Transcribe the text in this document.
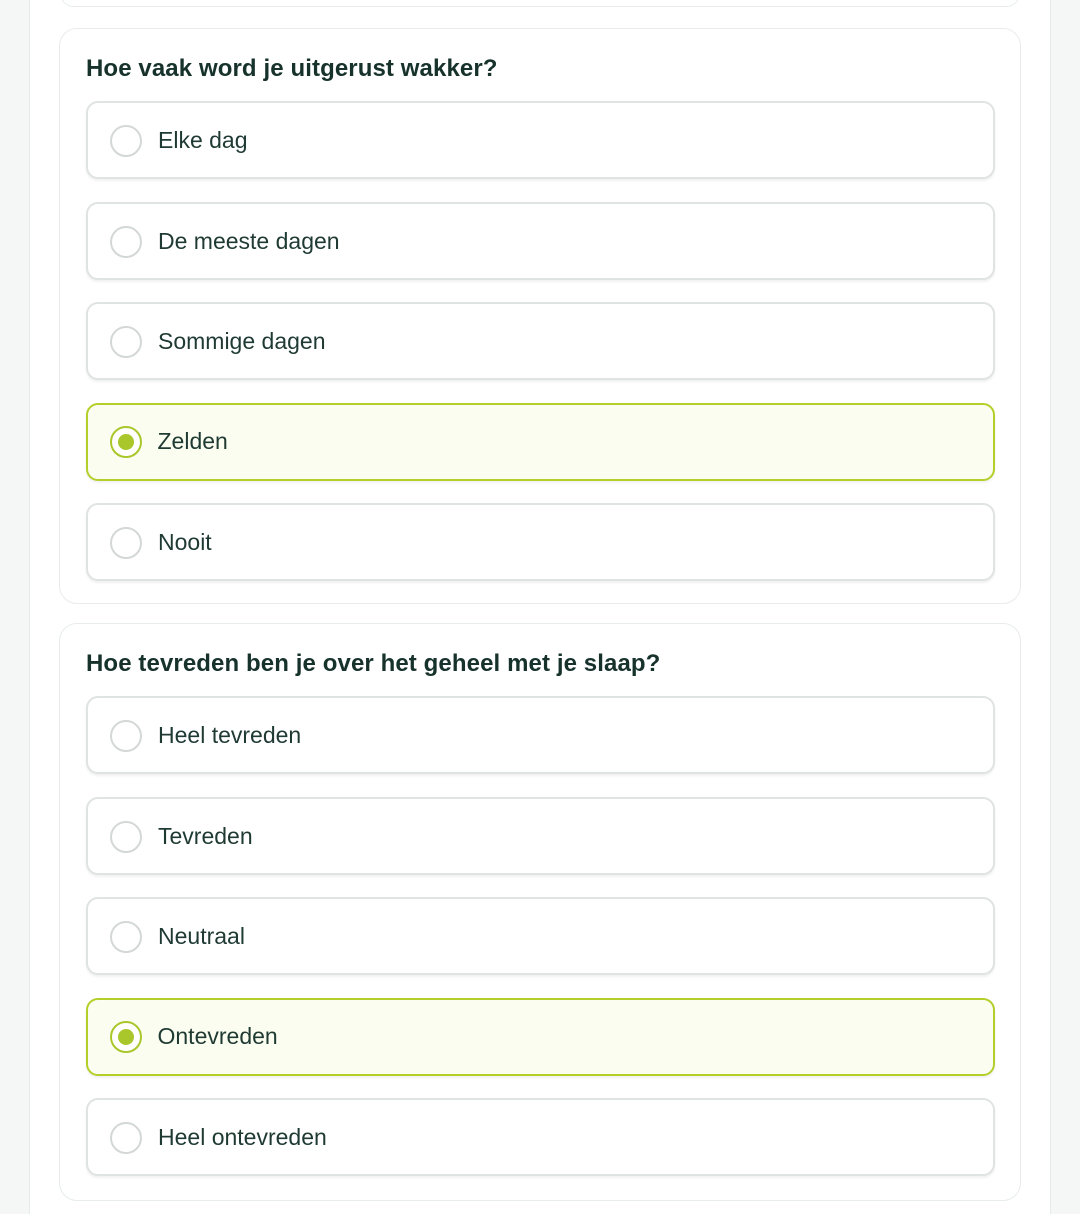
Hoe vaak word je uitgerust wakker?
Elke dag
De meeste dagen
Sommige dagen
Zelden
Nooit
Hoe tevreden ben je over het geheel met je slaap?
Heel tevreden
Tevreden
Neutraal
Ontevreden
Heel ontevreden
